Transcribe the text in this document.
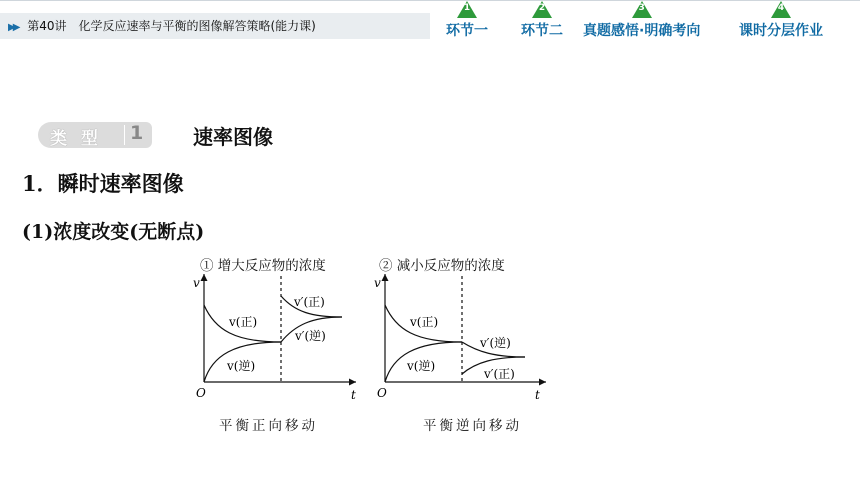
▶▶ 第40讲　化学反应速率与平衡的图像解答策略(能力课)
1
环节一
2
环节二
3
真题感悟·明确考向
4
课时分层作业
类 型 1 速率图像
1．瞬时速率图像
(1)浓度改变(无断点)
① 增大反应物的浓度	② 减小反应物的浓度
平衡正向移动	平衡逆向移动
v
t
O
v(正)
v(逆)
v′(正)
v′(逆)
v
t
O
v(正)
v(逆)
v′(逆)
v′(正)
